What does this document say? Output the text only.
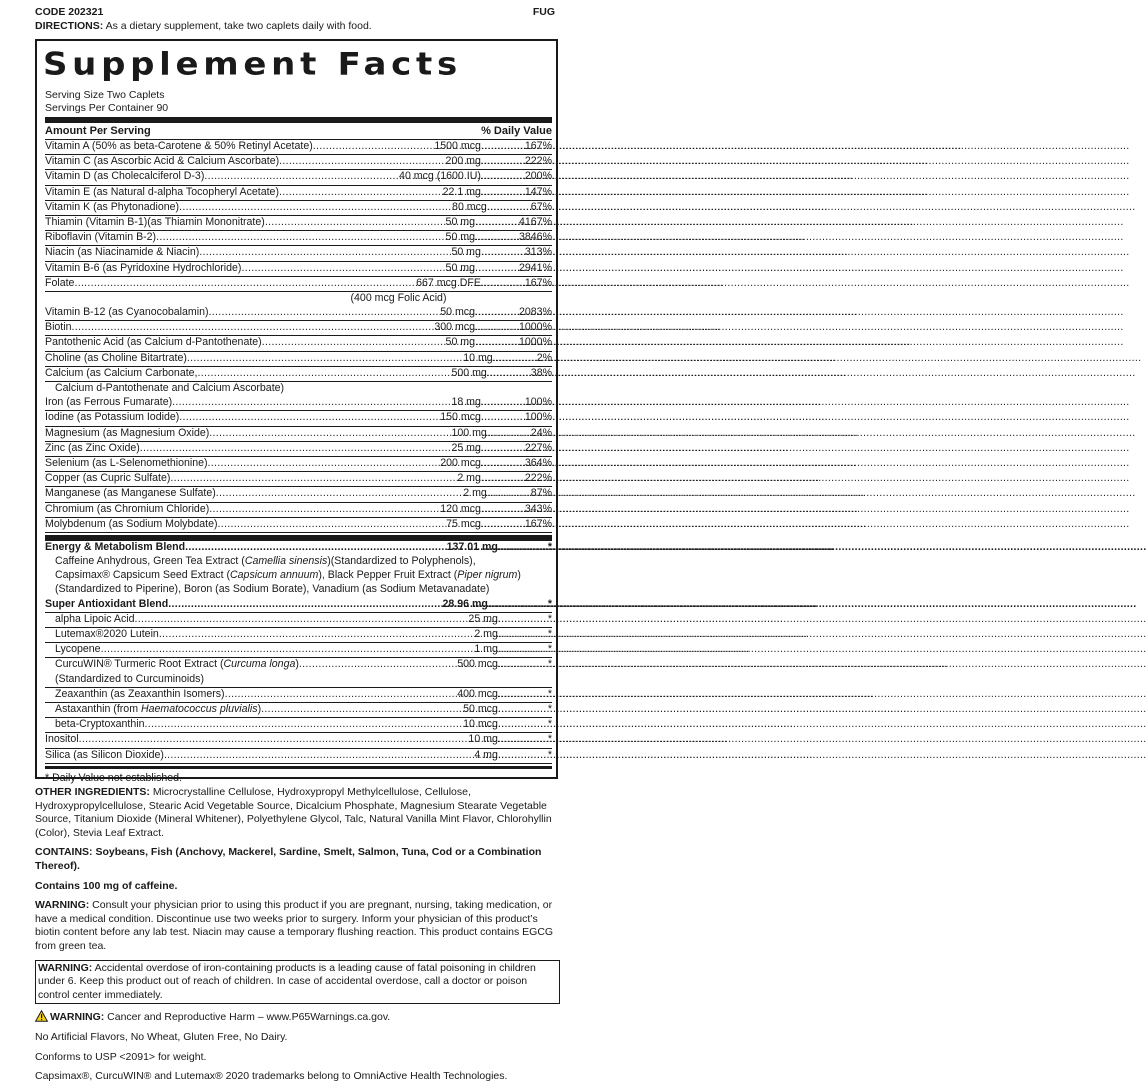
CODE 202321	FUG
DIRECTIONS: As a dietary supplement, take two caplets daily with food.
Supplement Facts
Serving Size Two Caplets
Servings Per Container 90
Amount Per Serving	% Daily Value
Vitamin A (50% as beta-Carotene & 50% Retinyl Acetate) .....	1500 mcg .....	167%
Vitamin C (as Ascorbic Acid & Calcium Ascorbate) .....	200 mg .....	222%
Vitamin D (as Cholecalciferol D-3) .....	40 mcg (1600 IU) .....	200%
Vitamin E (as Natural d-alpha Tocopheryl Acetate) .....	22.1 mg .....	147%
Vitamin K (as Phytonadione) .....	80 mcg .....	67%
Thiamin (Vitamin B-1)(as Thiamin Mononitrate) .....	50 mg .....	4167%
Riboflavin (Vitamin B-2) .....	50 mg .....	3846%
Niacin (as Niacinamide & Niacin) .....	50 mg .....	313%
Vitamin B-6 (as Pyridoxine Hydrochloride) .....	50 mg .....	2941%
Folate .....	667 mcg DFE .....	167%
(400 mcg Folic Acid)
Vitamin B-12 (as Cyanocobalamin) .....	50 mcg .....	2083%
Biotin .....	300 mcg .....	1000%
Pantothenic Acid (as Calcium d-Pantothenate) .....	50 mg .....	1000%
Choline (as Choline Bitartrate) .....	10 mg .....	2%
Calcium (as Calcium Carbonate, .....	500 mg .....	38%
Calcium d-Pantothenate and Calcium Ascorbate)
Iron (as Ferrous Fumarate) .....	18 mg .....	100%
Iodine (as Potassium Iodide) .....	150 mcg .....	100%
Magnesium (as Magnesium Oxide) .....	100 mg .....	24%
Zinc (as Zinc Oxide) .....	25 mg .....	227%
Selenium (as L-Selenomethionine) .....	200 mcg .....	364%
Copper (as Cupric Sulfate) .....	2 mg .....	222%
Manganese (as Manganese Sulfate) .....	2 mg .....	87%
Chromium (as Chromium Chloride) .....	120 mcg .....	343%
Molybdenum (as Sodium Molybdate) .....	75 mcg .....	167%
Energy & Metabolism Blend .....	137.01 mg .....	*
Caffeine Anhydrous, Green Tea Extract (Camellia sinensis)(Standardized to Polyphenols),
Capsimax® Capsicum Seed Extract (Capsicum annuum), Black Pepper Fruit Extract (Piper nigrum)
(Standardized to Piperine), Boron (as Sodium Borate), Vanadium (as Sodium Metavanadate)
Super Antioxidant Blend .....	28.96 mg .....	*
alpha Lipoic Acid .....	25 mg .....	*
Lutemax®2020 Lutein .....	2 mg .....	*
Lycopene .....	1 mg .....	*
CurcuWIN® Turmeric Root Extract (Curcuma longa) .....	500 mcg .....	*
(Standardized to Curcuminoids)
Zeaxanthin (as Zeaxanthin Isomers) .....	400 mcg .....	*
Astaxanthin (from Haematococcus pluvialis) .....	50 mcg .....	*
beta-Cryptoxanthin .....	10 mcg .....	*
Inositol .....	10 mg .....	*
Silica (as Silicon Dioxide) .....	4 mg .....	*
* Daily Value not established.

OTHER INGREDIENTS: Microcrystalline Cellulose, Hydroxypropyl Methylcellulose, Cellulose, Hydroxypropylcellulose, Stearic Acid Vegetable Source, Dicalcium Phosphate, Magnesium Stearate Vegetable Source, Titanium Dioxide (Mineral Whitener), Polyethylene Glycol, Talc, Natural Vanilla Mint Flavor, Chlorohyllin (Color), Stevia Leaf Extract.

CONTAINS: Soybeans, Fish (Anchovy, Mackerel, Sardine, Smelt, Salmon, Tuna, Cod or a Combination Thereof).

Contains 100 mg of caffeine.

WARNING: Consult your physician prior to using this product if you are pregnant, nursing, taking medication, or have a medical condition. Discontinue use two weeks prior to surgery. Inform your physician of this product’s biotin content before any lab test. Niacin may cause a temporary flushing reaction. This product contains EGCG from green tea.

WARNING: Accidental overdose of iron-containing products is a leading cause of fatal poisoning in children under 6. Keep this product out of reach of children. In case of accidental overdose, call a doctor or poison control center immediately.

WARNING: Cancer and Reproductive Harm – www.P65Warnings.ca.gov.

No Artificial Flavors, No Wheat, Gluten Free, No Dairy.

Conforms to USP <2091> for weight.

Capsimax®, CurcuWIN® and Lutemax® 2020 trademarks belong to OmniActive Health Technologies.
